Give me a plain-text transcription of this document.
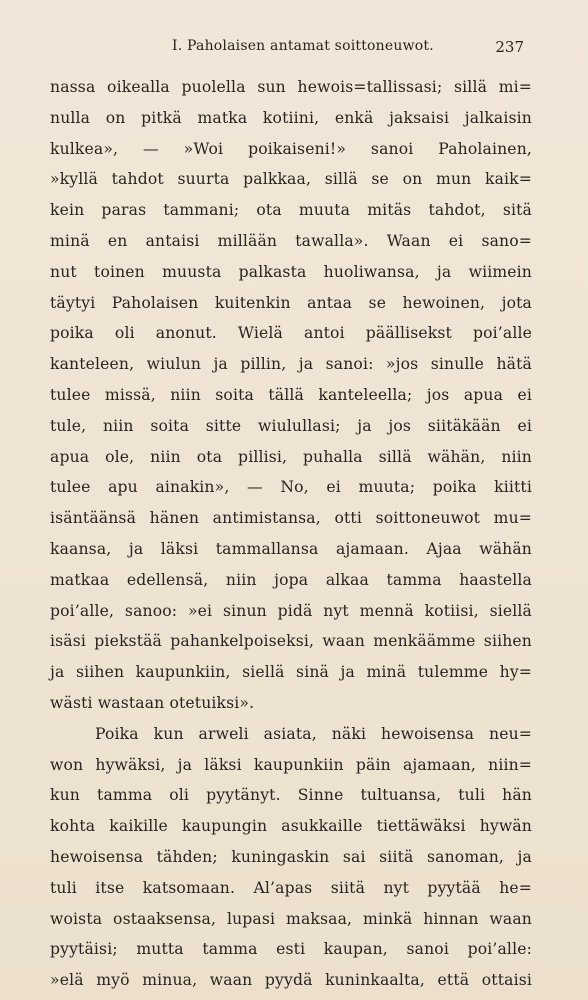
I. Paholaisen antamat soittoneuwot.	237
nassa oikealla puolella sun hewois=tallissasi; sillä mi=
nulla on pitkä matka kotiini, enkä jaksaisi jalkaisin
kulkea», — »Woi poikaiseni!» sanoi Paholainen,
»kyllä tahdot suurta palkkaa, sillä se on mun kaik=
kein paras tammani; ota muuta mitäs tahdot, sitä
minä en antaisi millään tawalla». Waan ei sano=
nut toinen muusta palkasta huoliwansa, ja wiimein
täytyi Paholaisen kuitenkin antaa se hewoinen, jota
poika oli anonut. Wielä antoi päällisekst poi’alle
kanteleen, wiulun ja pillin, ja sanoi: »jos sinulle hätä
tulee missä, niin soita tällä kanteleella; jos apua ei
tule, niin soita sitte wiulullasi; ja jos siitäkään ei
apua ole, niin ota pillisi, puhalla sillä wähän, niin
tulee apu ainakin», — No, ei muuta; poika kiitti
isäntäänsä hänen antimistansa, otti soittoneuwot mu=
kaansa, ja läksi tammallansa ajamaan. Ajaa wähän
matkaa edellensä, niin jopa alkaa tamma haastella
poi’alle, sanoo: »ei sinun pidä nyt mennä kotiisi, siellä
isäsi piekstää pahankelpoiseksi, waan menkäämme siihen
ja siihen kaupunkiin, siellä sinä ja minä tulemme hy=
wästi wastaan otetuiksi».
Poika kun arweli asiata, näki hewoisensa neu=
won hywäksi, ja läksi kaupunkiin päin ajamaan, niin=
kun tamma oli pyytänyt. Sinne tultuansa, tuli hän
kohta kaikille kaupungin asukkaille tiettäwäksi hywän
hewoisensa tähden; kuningaskin sai siitä sanoman, ja
tuli itse katsomaan. Al’apas siitä nyt pyytää he=
woista ostaaksensa, lupasi maksaa, minkä hinnan waan
pyytäisi; mutta tamma esti kaupan, sanoi poi’alle:
»elä myö minua, waan pyydä kuninkaalta, että ottaisi
